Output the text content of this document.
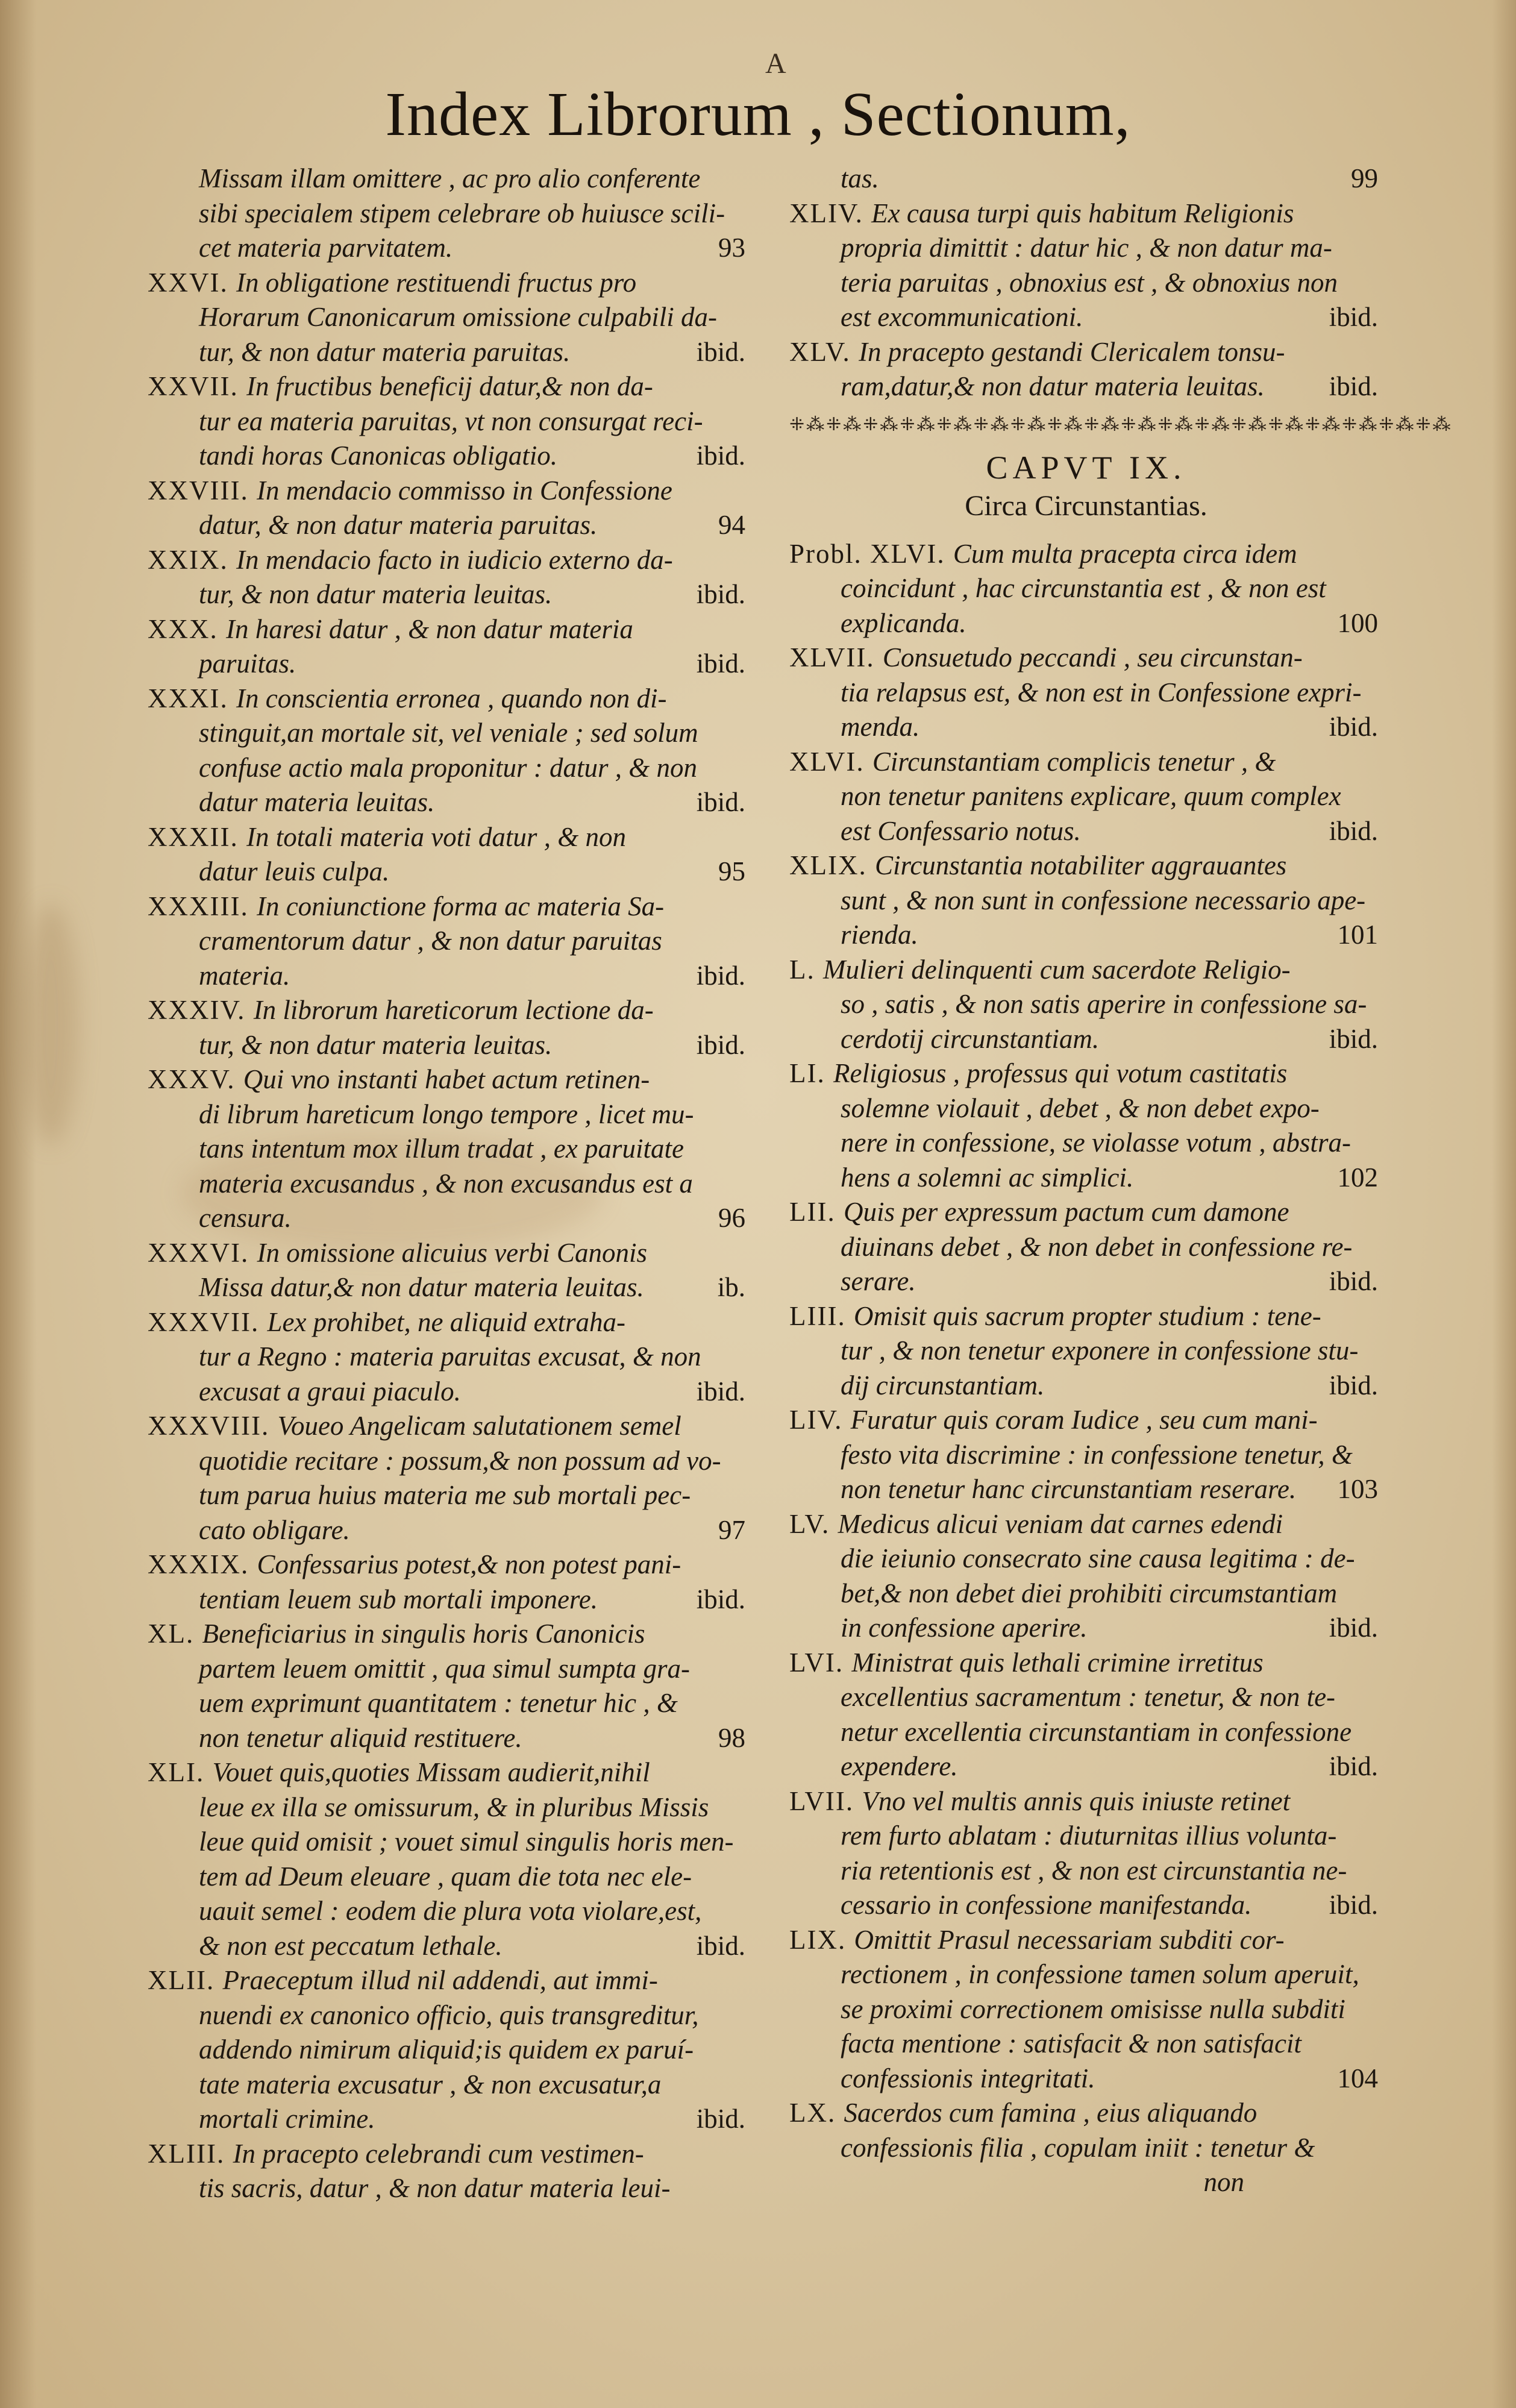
A
Index Librorum , Sectionum,
Missam illam omittere , ac pro alio conferente
sibi specialem stipem celebrare ob huiusce scili-
cet materia parvitatem.	93
XXVI. In obligatione restituendi fructus pro
Horarum Canonicarum omissione culpabili da-
tur, & non datur materia paruitas.	ibid.
XXVII. In fructibus beneficij datur,& non da-
tur ea materia paruitas, vt non consurgat reci-
tandi horas Canonicas obligatio.	ibid.
XXVIII. In mendacio commisso in Confessione
datur, & non datur materia paruitas.	94
XXIX. In mendacio facto in iudicio externo da-
tur, & non datur materia leuitas.	ibid.
XXX. In haresi datur , & non datur materia
paruitas.	ibid.
XXXI. In conscientia erronea , quando non di-
stinguit,an mortale sit, vel veniale ; sed solum
confuse actio mala proponitur : datur , & non
datur materia leuitas.	ibid.
XXXII. In totali materia voti datur , & non
datur leuis culpa.	95
XXXIII. In coniunctione forma ac materia Sa-
cramentorum datur , & non datur paruitas
materia.	ibid.
XXXIV. In librorum hareticorum lectione da-
tur, & non datur materia leuitas.	ibid.
XXXV. Qui vno instanti habet actum retinen-
di librum hareticum longo tempore , licet mu-
tans intentum mox illum tradat , ex paruitate
materia excusandus , & non excusandus est a
censura.	96
XXXVI. In omissione alicuius verbi Canonis
Missa datur,& non datur materia leuitas.	ib.
XXXVII. Lex prohibet, ne aliquid extraha-
tur a Regno : materia paruitas excusat, & non
excusat a graui piaculo.	ibid.
XXXVIII. Voueo Angelicam salutationem semel
quotidie recitare : possum,& non possum ad vo-
tum parua huius materia me sub mortali pec-
cato obligare.	97
XXXIX. Confessarius potest,& non potest pani-
tentiam leuem sub mortali imponere.	ibid.
XL. Beneficiarius in singulis horis Canonicis
partem leuem omittit , qua simul sumpta gra-
uem exprimunt quantitatem : tenetur hic , &
non tenetur aliquid restituere.	98
XLI. Vouet quis,quoties Missam audierit,nihil
leue ex illa se omissurum, & in pluribus Missis
leue quid omisit ; vouet simul singulis horis men-
tem ad Deum eleuare , quam die tota nec ele-
uauit semel : eodem die plura vota violare,est,
& non est peccatum lethale.	ibid.
XLII. Praeceptum illud nil addendi, aut immi-
nuendi ex canonico officio, quis transgreditur,
addendo nimirum aliquid;is quidem ex paruí-
tate materia excusatur , & non excusatur,a
mortali crimine.	ibid.
XLIII. In pracepto celebrandi cum vestimen-
tis sacris, datur , & non datur materia leui-
tas.	99
XLIV. Ex causa turpi quis habitum Religionis
propria dimittit : datur hic , & non datur ma-
teria paruitas , obnoxius est , & obnoxius non
est excommunicationi.	ibid.
XLV. In pracepto gestandi Clericalem tonsu-
ram,datur,& non datur materia leuitas. ibid.
⁜⁂⁜⁂⁜⁂⁜⁂⁜⁂⁜⁂⁜⁂⁜⁂⁜⁂⁜⁂⁜⁂⁜⁂⁜⁂⁜⁂⁜⁂⁜⁂⁜⁂⁜⁂
CAPVT IX.
Circa Circunstantias.
Probl. XLVI. Cum multa pracepta circa idem
coincidunt , hac circunstantia est , & non est
explicanda.	100
XLVII. Consuetudo peccandi , seu circunstan-
tia relapsus est, & non est in Confessione expri-
menda.	ibid.
XLVI. Circunstantiam complicis tenetur , &
non tenetur panitens explicare, quum complex
est Confessario notus.	ibid.
XLIX. Circunstantia notabiliter aggrauantes
sunt , & non sunt in confessione necessario ape-
rienda.	101
L. Mulieri delinquenti cum sacerdote Religio-
so , satis , & non satis aperire in confessione sa-
cerdotij circunstantiam.	ibid.
LI. Religiosus , professus qui votum castitatis
solemne violauit , debet , & non debet expo-
nere in confessione, se violasse votum , abstra-
hens a solemni ac simplici.	102
LII. Quis per expressum pactum cum damone
diuinans debet , & non debet in confessione re-
serare.	ibid.
LIII. Omisit quis sacrum propter studium : tene-
tur , & non tenetur exponere in confessione stu-
dij circunstantiam.	ibid.
LIV. Furatur quis coram Iudice , seu cum mani-
festo vita discrimine : in confessione tenetur, &
non tenetur hanc circunstantiam reserare. 103
LV. Medicus alicui veniam dat carnes edendi
die ieiunio consecrato sine causa legitima : de-
bet,& non debet diei prohibiti circumstantiam
in confessione aperire.	ibid.
LVI. Ministrat quis lethali crimine irretitus
excellentius sacramentum : tenetur, & non te-
netur excellentia circunstantiam in confessione
expendere.	ibid.
LVII. Vno vel multis annis quis iniuste retinet
rem furto ablatam : diuturnitas illius volunta-
ria retentionis est , & non est circunstantia ne-
cessario in confessione manifestanda.	ibid.
LIX. Omittit Prasul necessariam subditi cor-
rectionem , in confessione tamen solum aperuit,
se proximi correctionem omisisse nulla subditi
facta mentione : satisfacit & non satisfacit
confessionis integritati.	104
LX. Sacerdos cum famina , eius aliquando
confessionis filia , copulam iniit : tenetur &
non
